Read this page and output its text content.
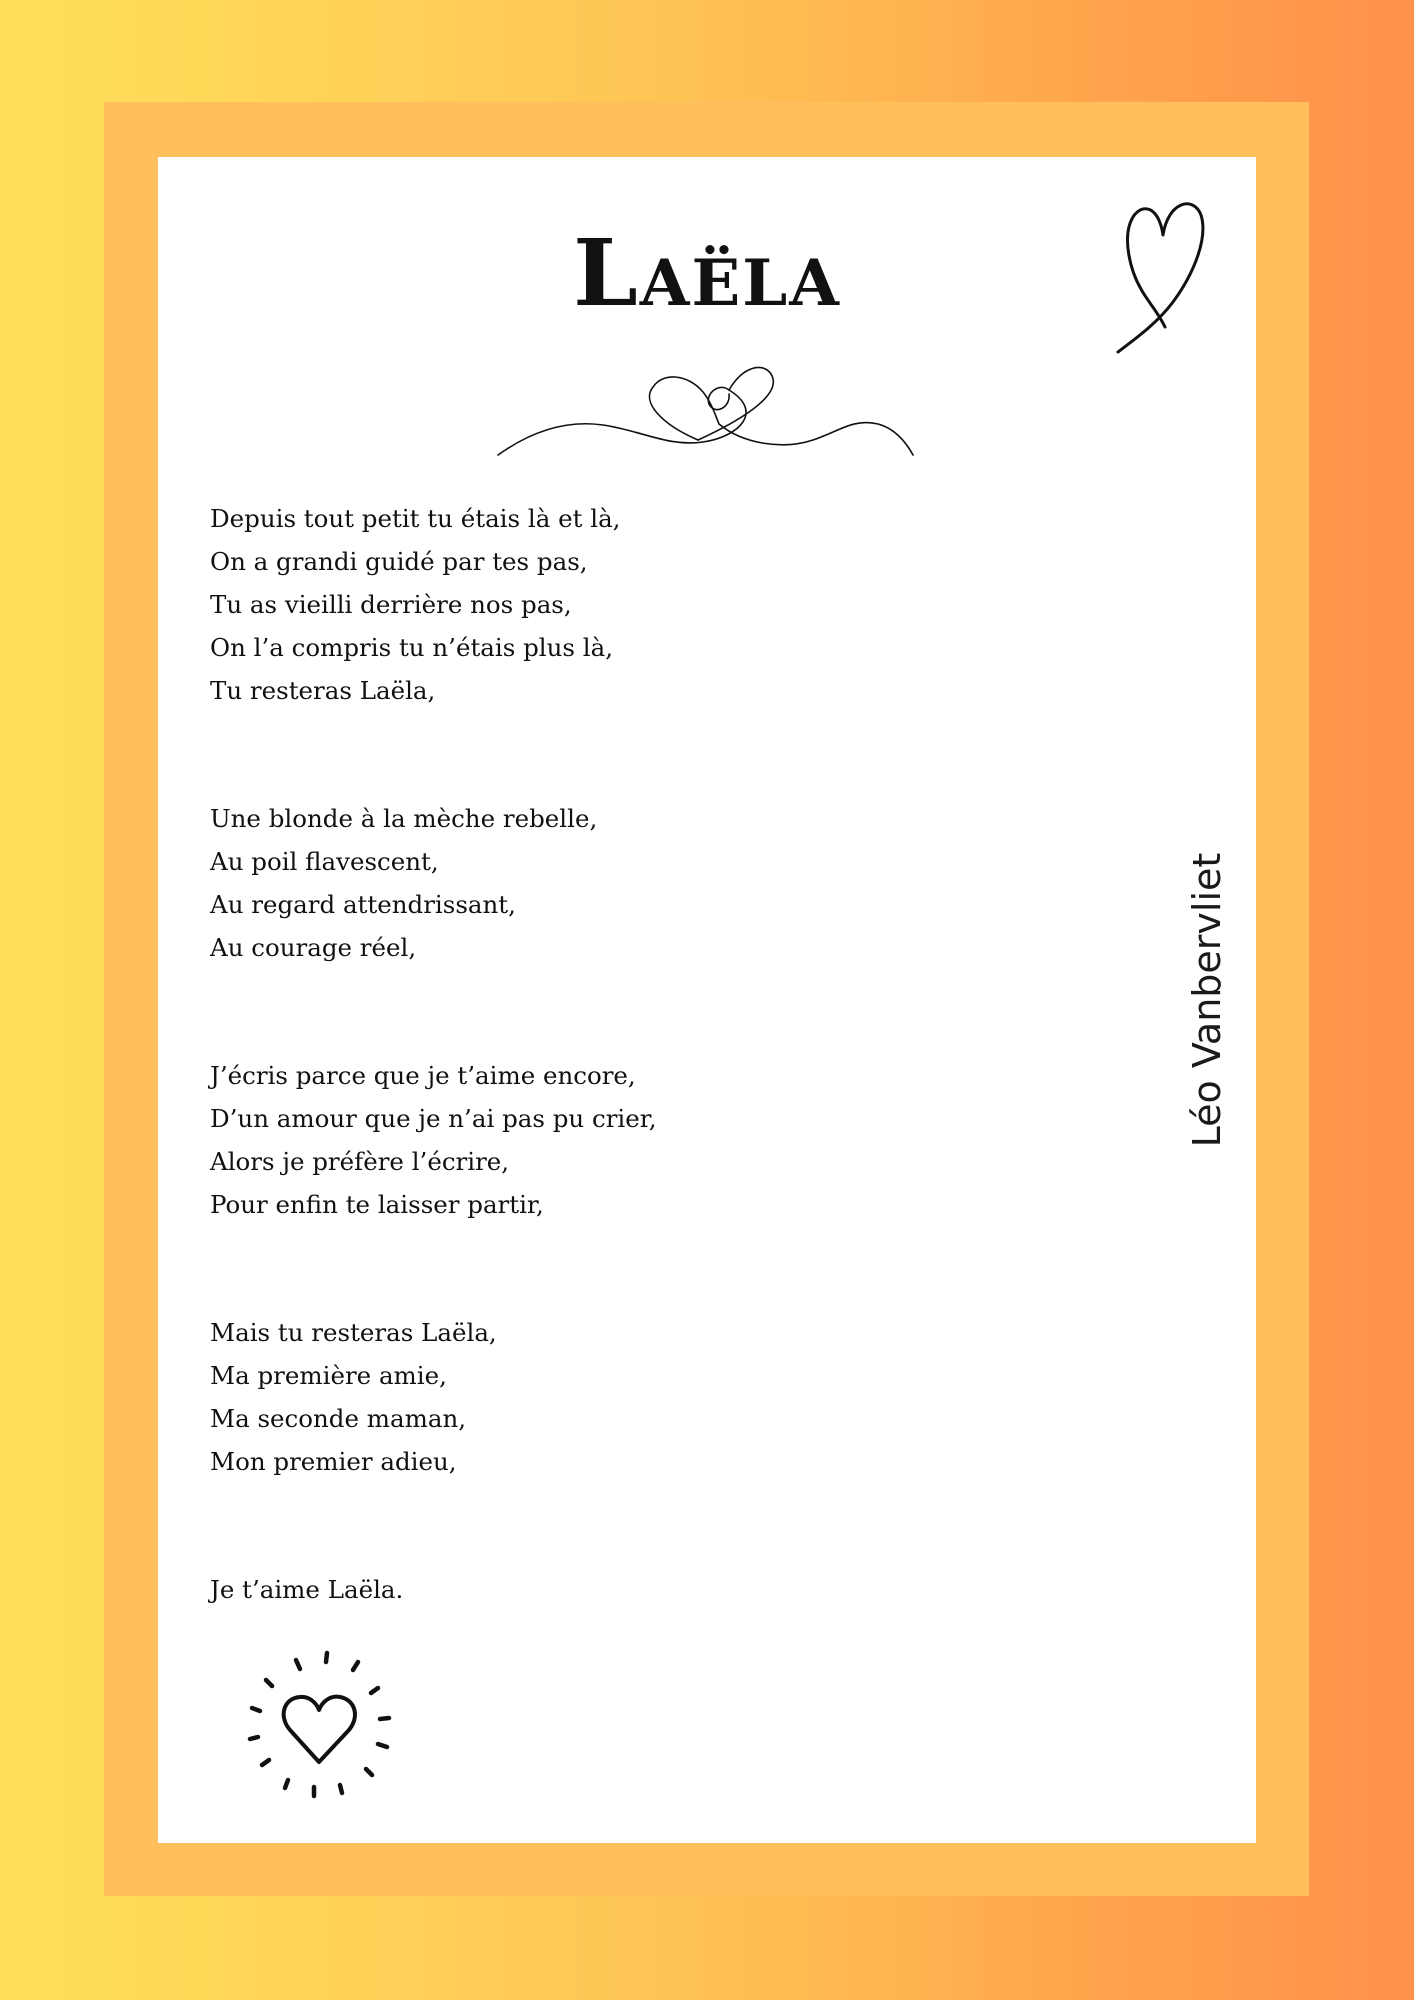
Laëla
Depuis tout petit tu étais là et là,
On a grandi guidé par tes pas,
Tu as vieilli derrière nos pas,
On l’a compris tu n’étais plus là,
Tu resteras Laëla,
Une blonde à la mèche rebelle,
Au poil flavescent,
Au regard attendrissant,
Au courage réel,
J’écris parce que je t’aime encore,
D’un amour que je n’ai pas pu crier,
Alors je préfère l’écrire,
Pour enfin te laisser partir,
Mais tu resteras Laëla,
Ma première amie,
Ma seconde maman,
Mon premier adieu,
Je t’aime Laëla.
Léo Vanbervliet
